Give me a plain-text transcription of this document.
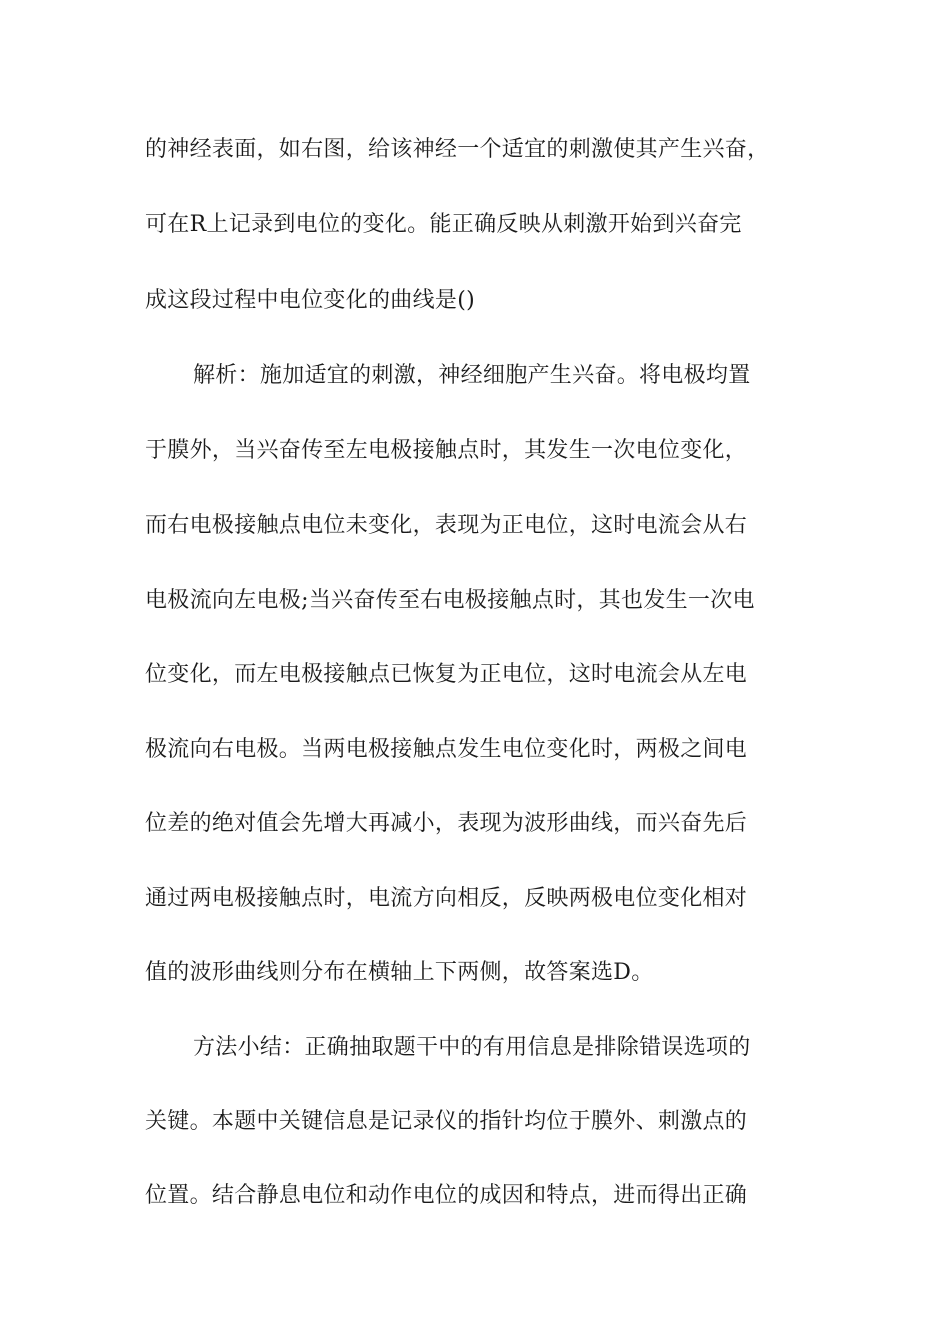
的神经表面，如右图，给该神经一个适宜的刺激使其产生兴奋，
可在R上记录到电位的变化。能正确反映从刺激开始到兴奋完
成这段过程中电位变化的曲线是()
解析：施加适宜的刺激，神经细胞产生兴奋。将电极均置
于膜外，当兴奋传至左电极接触点时，其发生一次电位变化，
而右电极接触点电位未变化，表现为正电位，这时电流会从右
电极流向左电极;当兴奋传至右电极接触点时，其也发生一次电
位变化，而左电极接触点已恢复为正电位，这时电流会从左电
极流向右电极。当两电极接触点发生电位变化时，两极之间电
位差的绝对值会先增大再减小，表现为波形曲线，而兴奋先后
通过两电极接触点时，电流方向相反，反映两极电位变化相对
值的波形曲线则分布在横轴上下两侧，故答案选D。
方法小结：正确抽取题干中的有用信息是排除错误选项的
关键。本题中关键信息是记录仪的指针均位于膜外、刺激点的
位置。结合静息电位和动作电位的成因和特点，进而得出正确
